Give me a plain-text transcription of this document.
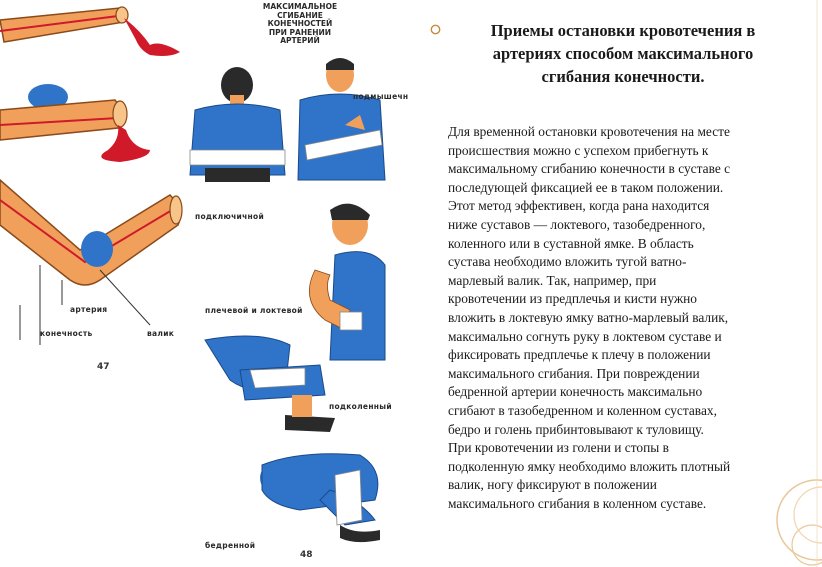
МАКСИМАЛЬНОЕ
СГИБАНИЕ
КОНЕЧНОСТЕЙ
ПРИ РАНЕНИИ
АРТЕРИЙ
подмышечн
подключичной
артерия
конечность	валик
плечевой и локтевой
подколенный
бедренной
47
48
Приемы остановки кровотечения в
артериях способом максимального
сгибания конечности.
Для временной остановки кровотечения на месте
происшествия можно с успехом прибегнуть к
максимальному сгибанию конечности в суставе с
последующей фиксацией ее в таком положении.
Этот метод эффективен, когда рана находится
ниже суставов — локтевого, тазобедренного,
коленного или в суставной ямке. В область
сустава необходимо вложить тугой ватно-
марлевый валик. Так, например, при
кровотечении из предплечья и кисти нужно
вложить в локтевую ямку ватно-марлевый валик,
максимально согнуть руку в локтевом суставе и
фиксировать предплечье к плечу в положении
максимального сгибания. При повреждении
бедренной артерии конечность максимально
сгибают в тазобедренном и коленном суставах,
бедро и голень прибинтовывают к туловищу.
При кровотечении из голени и стопы в
подколенную ямку необходимо вложить плотный
валик, ногу фиксируют в положении
максимального сгибания в коленном суставе.
